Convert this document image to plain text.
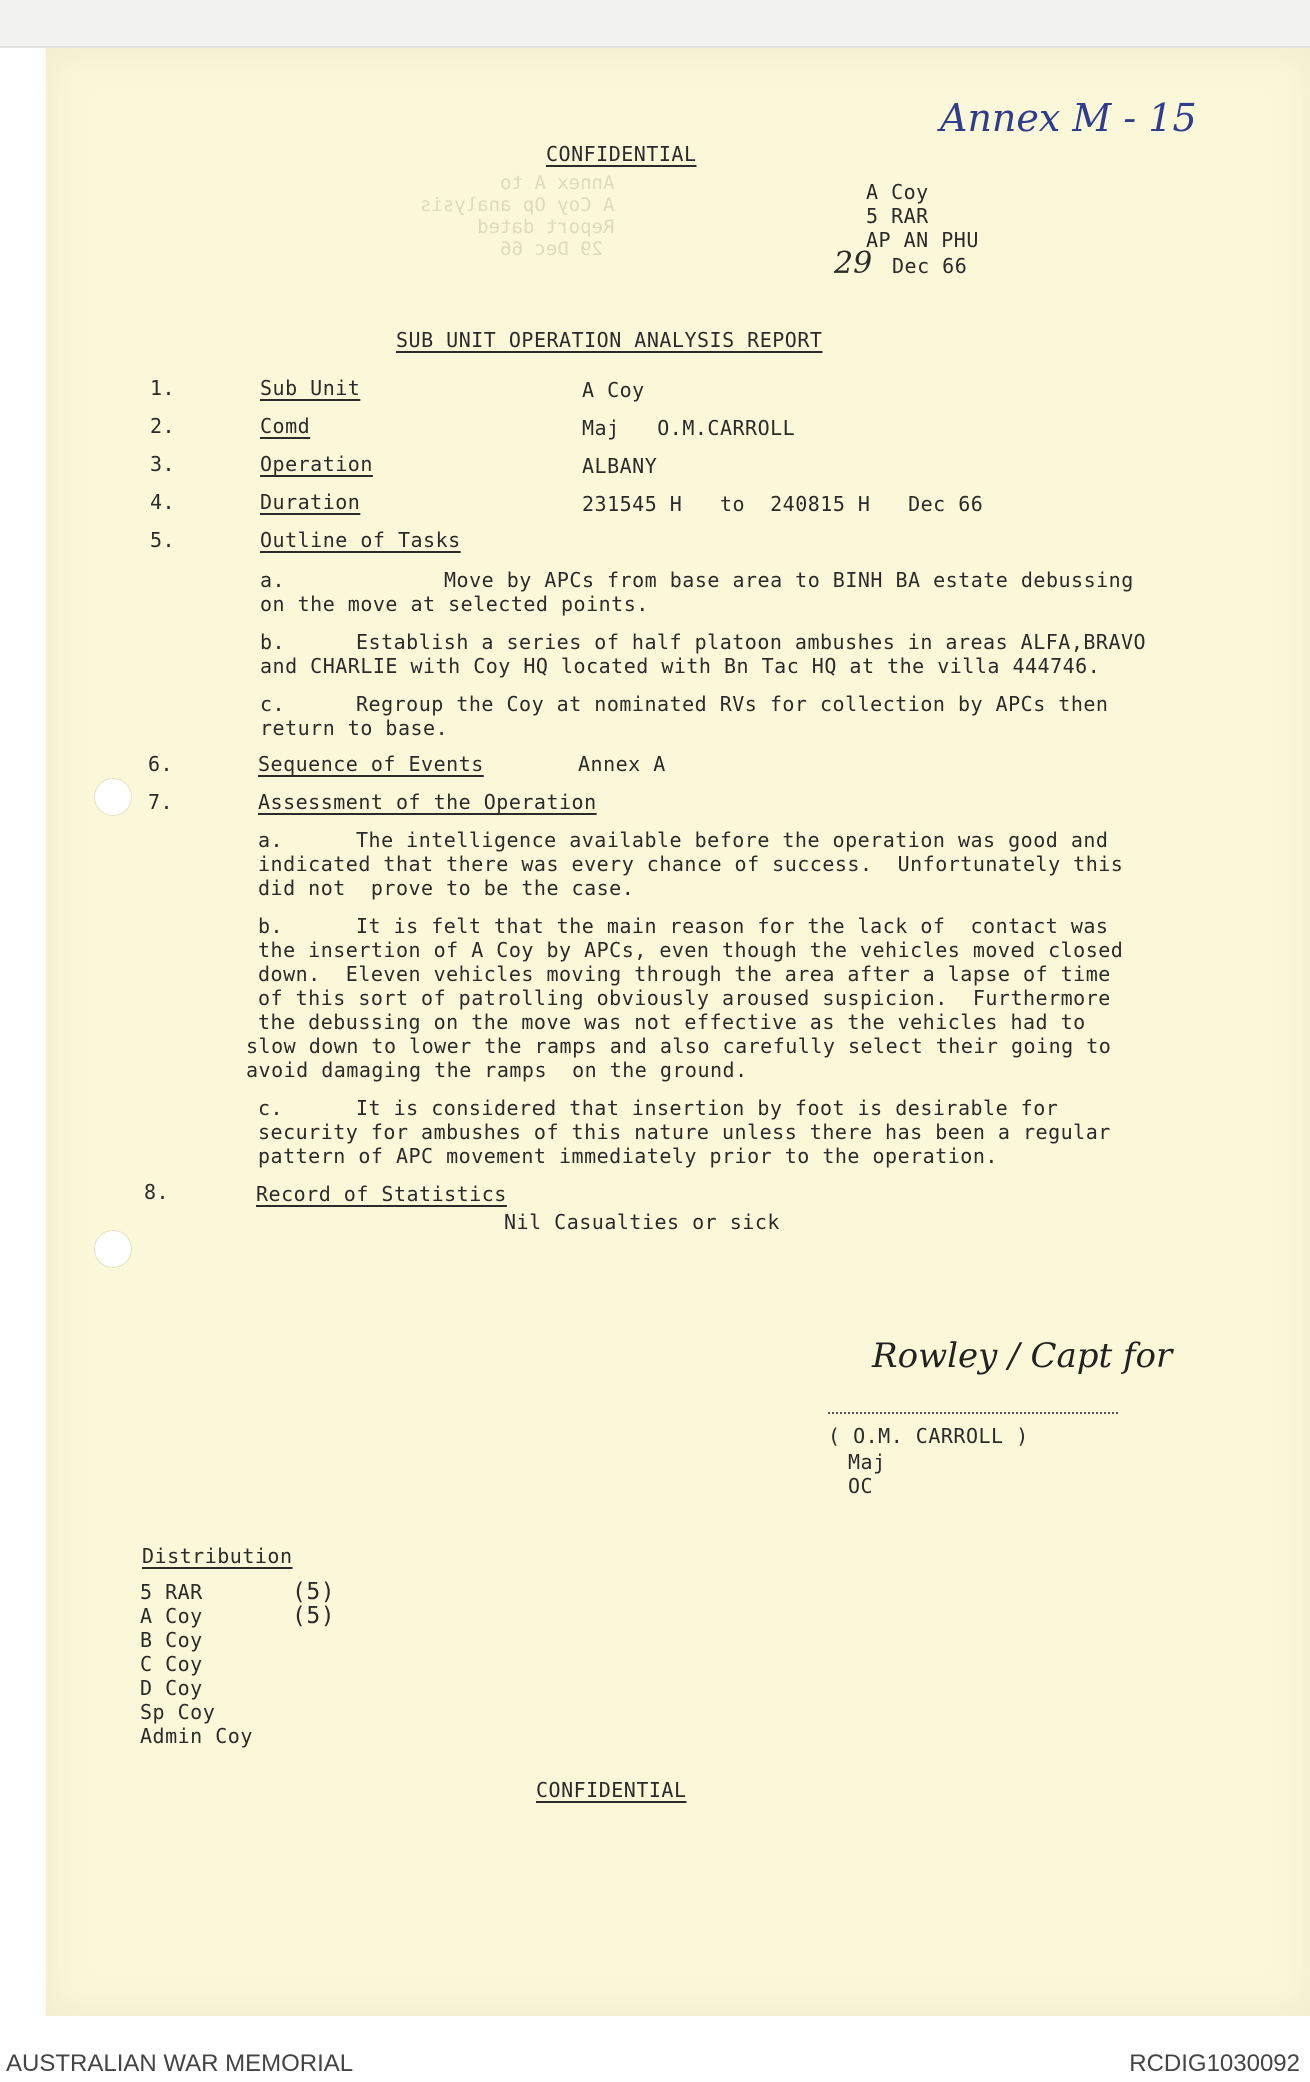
Annex A to
A Coy Op analysis
Report dated
29 Dec 66
Annex M - 15
CONFIDENTIAL
A Coy
5 RAR
AP AN PHU
29 Dec 66
SUB UNIT OPERATION ANALYSIS REPORT
1.	Sub Unit	A Coy
2.	Comd	Maj   O.M.CARROLL
3.	Operation	ALBANY
4.	Duration	231545 H   to  240815 H   Dec 66
5.	Outline of Tasks
a.	Move by APCs from base area to BINH BA estate debussing
on the move at selected points.
b.	Establish a series of half platoon ambushes in areas ALFA,BRAVO
and CHARLIE with Coy HQ located with Bn Tac HQ at the villa 444746.
c.	Regroup the Coy at nominated RVs for collection by APCs then
return to base.
6.	Sequence of Events	Annex A
7.	Assessment of the Operation
a.	The intelligence available before the operation was good and
indicated that there was every chance of success.  Unfortunately this
did not  prove to be the case.
b.	It is felt that the main reason for the lack of  contact was
the insertion of A Coy by APCs, even though the vehicles moved closed
down.  Eleven vehicles moving through the area after a lapse of time
of this sort of patrolling obviously aroused suspicion.  Furthermore
the debussing on the move was not effective as the vehicles had to
slow down to lower the ramps and also carefully select their going to
avoid damaging the ramps  on the ground.
c.	It is considered that insertion by foot is desirable for
security for ambushes of this nature unless there has been a regular
pattern of APC movement immediately prior to the operation.
8.	Record of Statistics
Nil Casualties or sick
Rowley / Capt for
( O.M. CARROLL )
Maj
OC
Distribution
5 RAR	(5)
A Coy	(5)
B Coy
C Coy
D Coy
Sp Coy
Admin Coy
CONFIDENTIAL
AUSTRALIAN WAR MEMORIAL	RCDIG1030092
